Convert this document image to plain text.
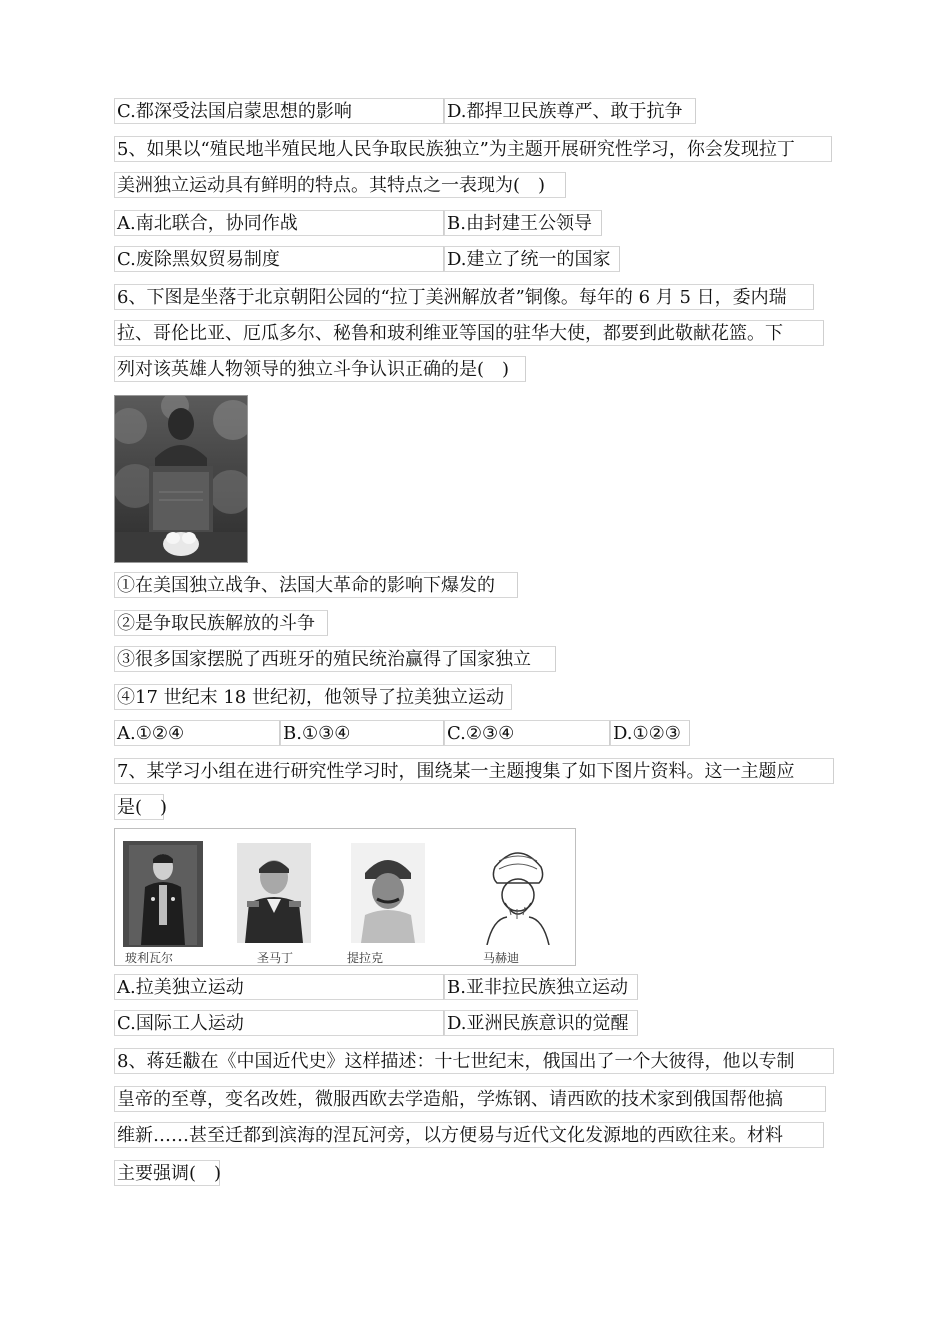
C.都深受法国启蒙思想的影响	D.都捍卫民族尊严、敢于抗争
5、如果以“殖民地半殖民地人民争取民族独立”为主题开展研究性学习，你会发现拉丁
美洲独立运动具有鲜明的特点。其特点之一表现为(　)
A.南北联合，协同作战	B.由封建王公领导
C.废除黑奴贸易制度	D.建立了统一的国家
6、下图是坐落于北京朝阳公园的“拉丁美洲解放者”铜像。每年的 6 月 5 日，委内瑞
拉、哥伦比亚、厄瓜多尔、秘鲁和玻利维亚等国的驻华大使，都要到此敬献花篮。下
列对该英雄人物领导的独立斗争认识正确的是(　)
①在美国独立战争、法国大革命的影响下爆发的
②是争取民族解放的斗争
③很多国家摆脱了西班牙的殖民统治赢得了国家独立
④17 世纪末 18 世纪初，他领导了拉美独立运动
A.①②④	B.①③④	C.②③④	D.①②③
7、某学习小组在进行研究性学习时，围绕某一主题搜集了如下图片资料。这一主题应
是(　)
玻利瓦尔	圣马丁	提拉克	马赫迪
A.拉美独立运动	B.亚非拉民族独立运动
C.国际工人运动	D.亚洲民族意识的觉醒
8、蒋廷黻在《中国近代史》这样描述：十七世纪末，俄国出了一个大彼得，他以专制
皇帝的至尊，变名改姓，微服西欧去学造船，学炼钢、请西欧的技术家到俄国帮他搞
维新……甚至迁都到滨海的涅瓦河旁，以方便易与近代文化发源地的西欧往来。材料
主要强调(　)
